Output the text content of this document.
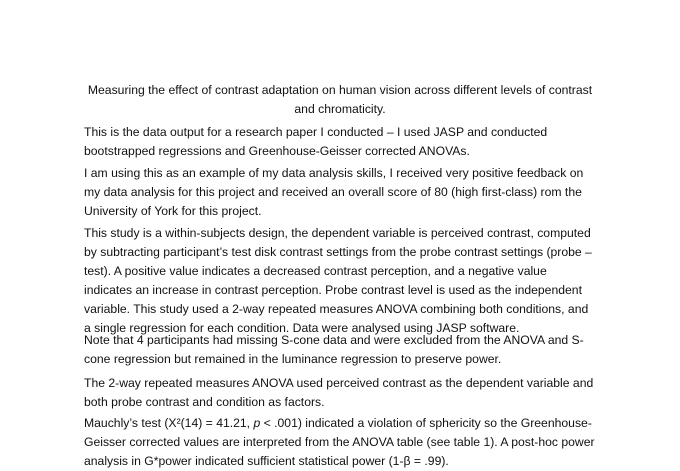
Measuring the effect of contrast adaptation on human vision across different levels of contrast and chromaticity.

This is the data output for a research paper I conducted – I used JASP and conducted bootstrapped regressions and Greenhouse-Geisser corrected ANOVAs.

I am using this as an example of my data analysis skills, I received very positive feedback on my data analysis for this project and received an overall score of 80 (high first-class) rom the University of York for this project.

This study is a within-subjects design, the dependent variable is perceived contrast, computed by subtracting participant’s test disk contrast settings from the probe contrast settings (probe – test). A positive value indicates a decreased contrast perception, and a negative value indicates an increase in contrast perception. Probe contrast level is used as the independent variable. This study used a 2-way repeated measures ANOVA combining both conditions, and a single regression for each condition. Data were analysed using JASP software.

Note that 4 participants had missing S-cone data and were excluded from the ANOVA and S-cone regression but remained in the luminance regression to preserve power.

The 2-way repeated measures ANOVA used perceived contrast as the dependent variable and both probe contrast and condition as factors.

Mauchly’s test (X²(14) = 41.21, p < .001) indicated a violation of sphericity so the Greenhouse-Geisser corrected values are interpreted from the ANOVA table (see table 1). A post-hoc power analysis in G*power indicated sufficient statistical power (1-β = .99).
